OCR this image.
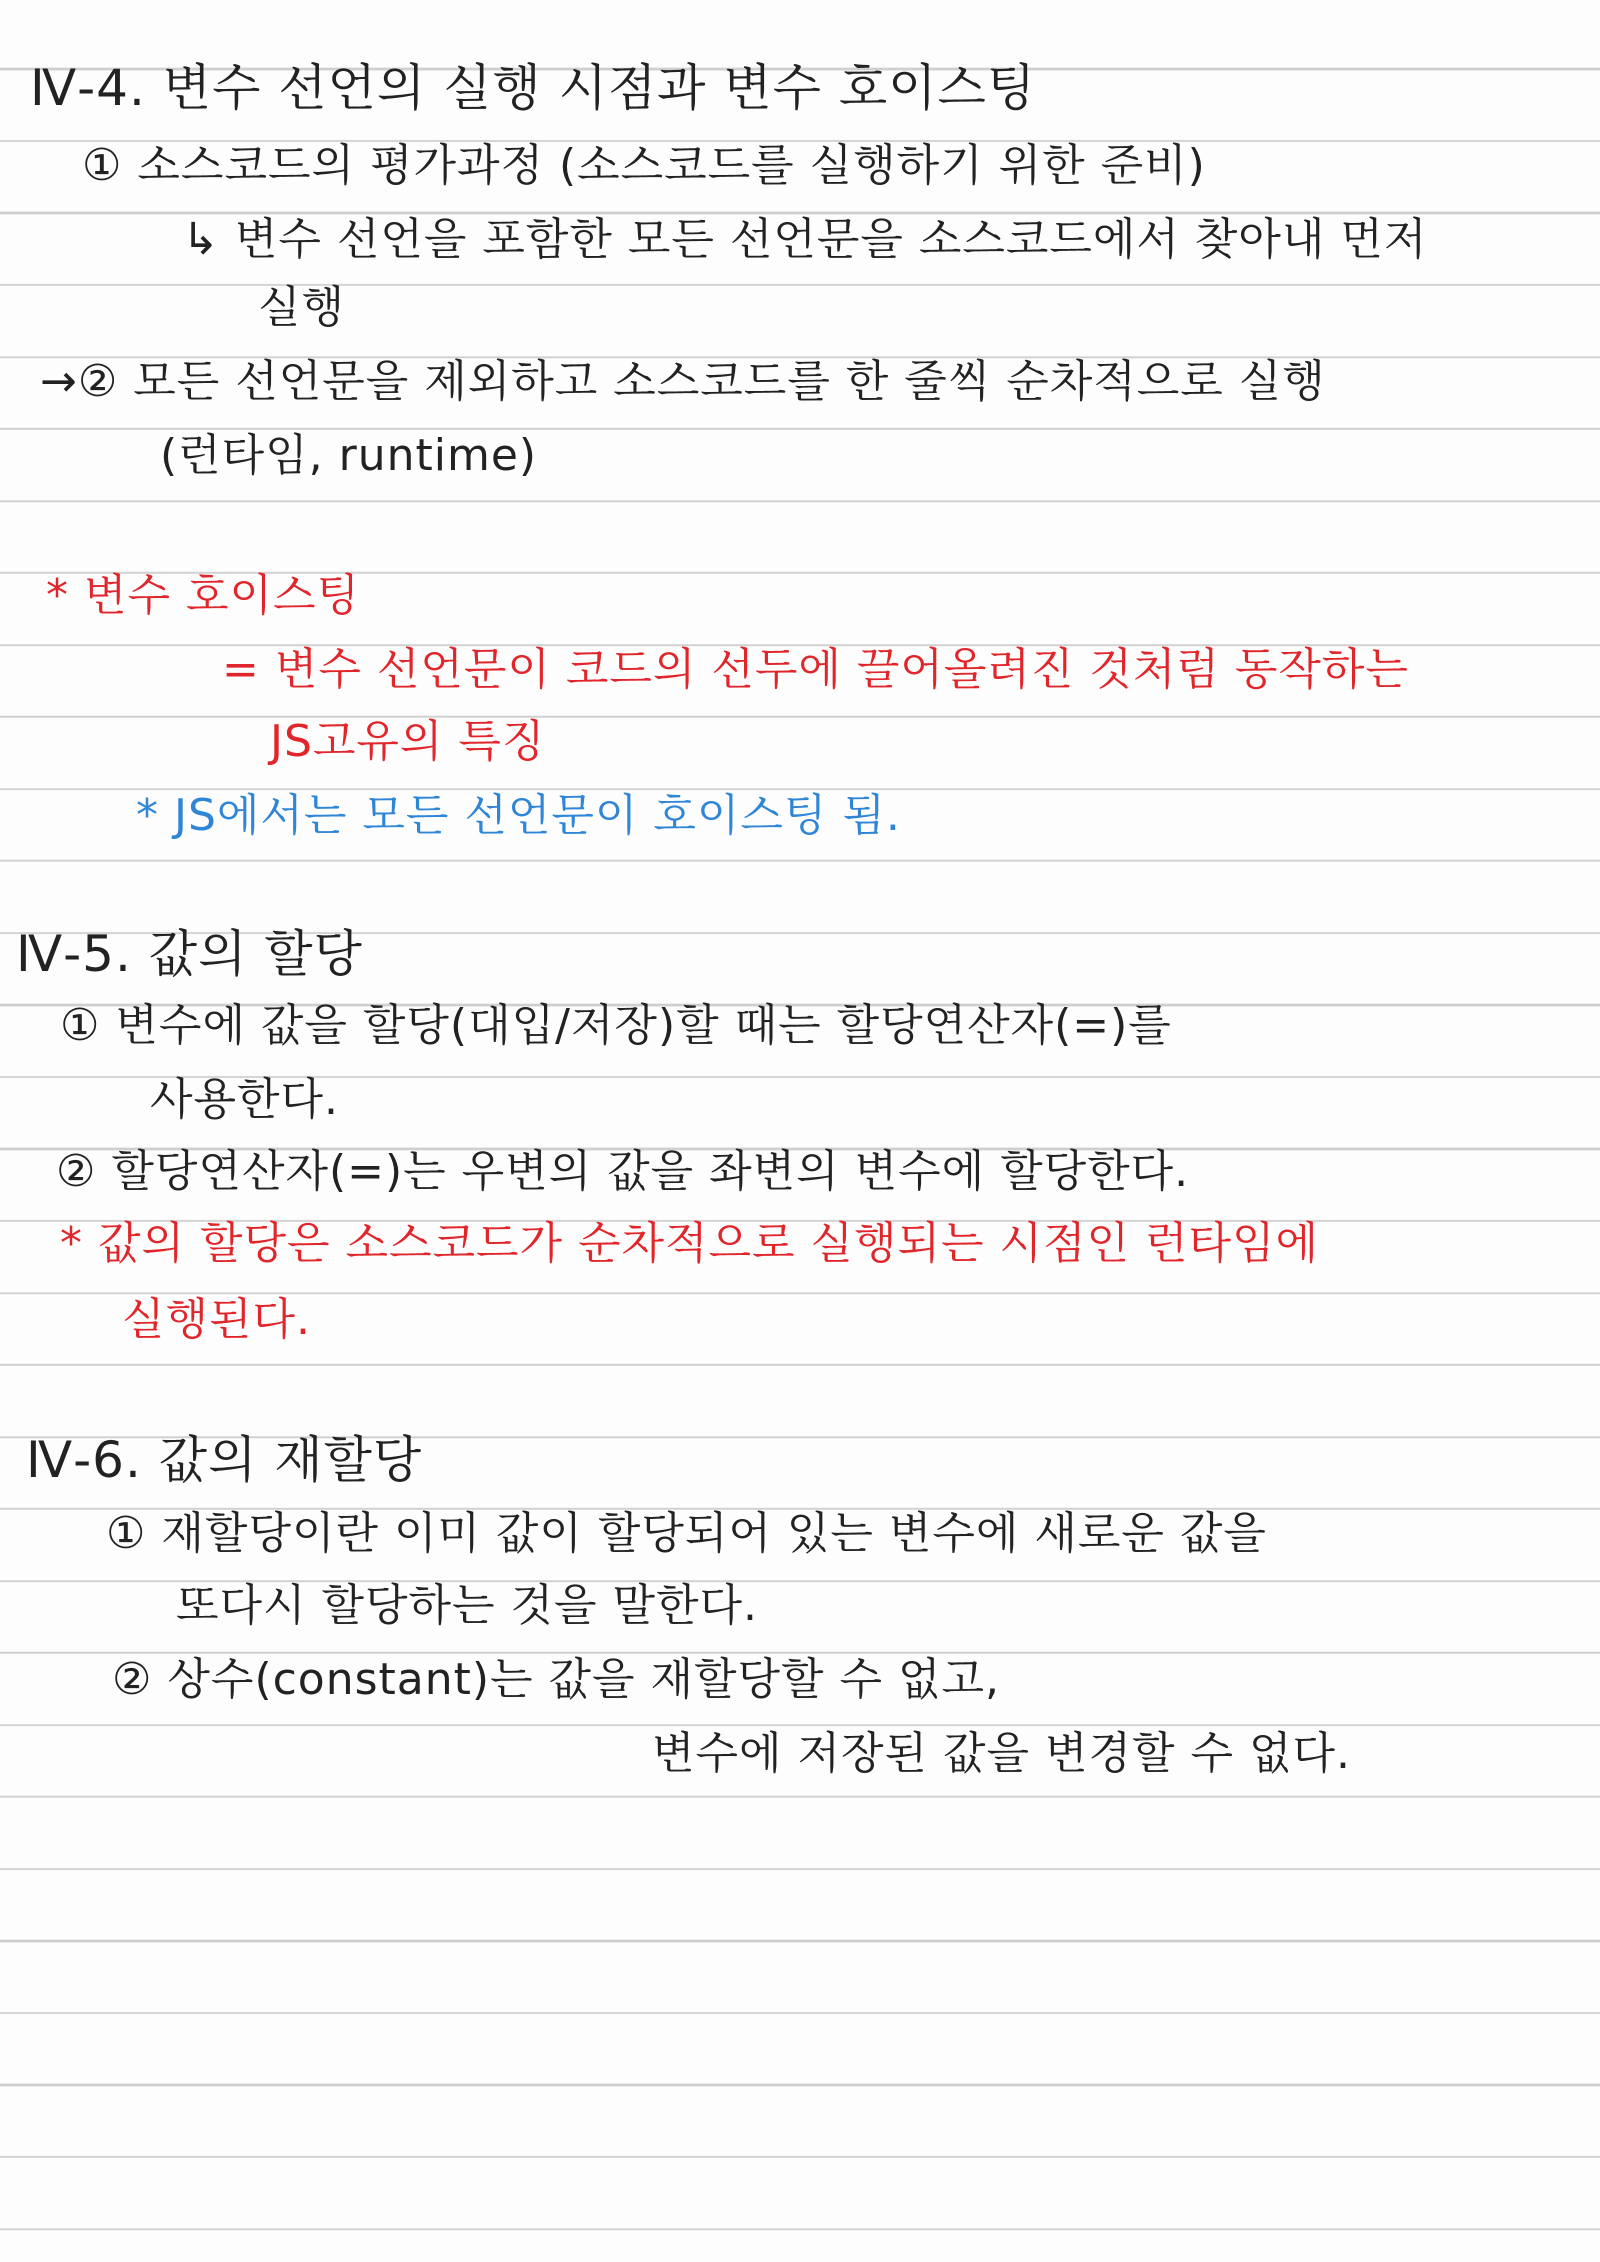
Ⅳ-4. 변수 선언의 실행 시점과 변수 호이스팅
① 소스코드의 평가과정 (소스코드를 실행하기 위한 준비)
↳ 변수 선언을 포함한 모든 선언문을 소스코드에서 찾아내 먼저
실행
→② 모든 선언문을 제외하고 소스코드를 한 줄씩 순차적으로 실행
(런타임, runtime)
* 변수 호이스팅
= 변수 선언문이 코드의 선두에 끌어올려진 것처럼 동작하는
JS고유의 특징
* JS에서는 모든 선언문이 호이스팅 됨.
Ⅳ-5. 값의 할당
① 변수에 값을 할당(대입/저장)할 때는 할당연산자(=)를
사용한다.
② 할당연산자(=)는 우변의 값을 좌변의 변수에 할당한다.
* 값의 할당은 소스코드가 순차적으로 실행되는 시점인 런타임에
실행된다.
Ⅳ-6. 값의 재할당
① 재할당이란 이미 값이 할당되어 있는 변수에 새로운 값을
또다시 할당하는 것을 말한다.
② 상수(constant)는 값을 재할당할 수 없고,
변수에 저장된 값을 변경할 수 없다.
